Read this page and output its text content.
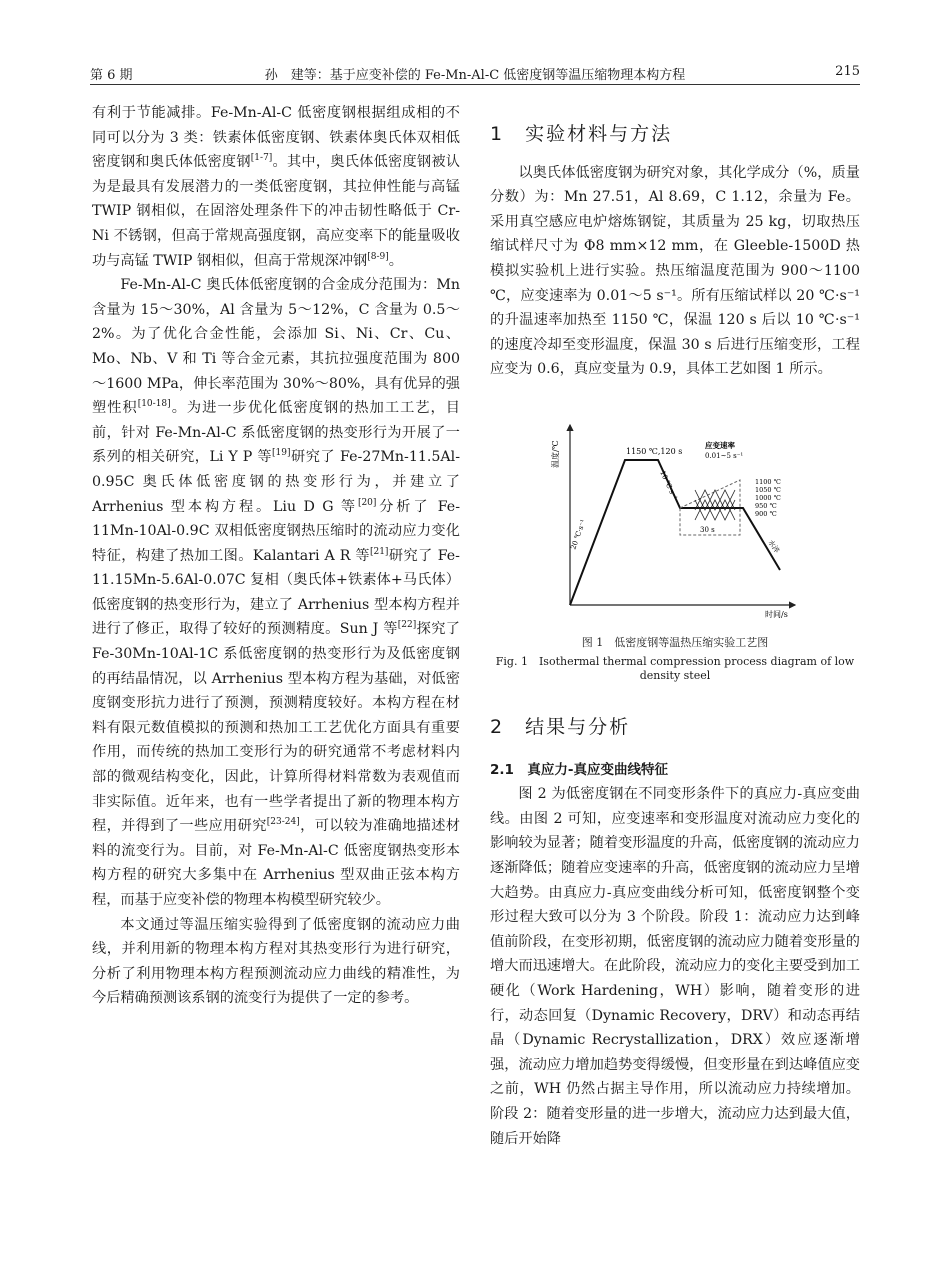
第 6 期	孙　建等：基于应变补偿的 Fe-Mn-Al-C 低密度钢等温压缩物理本构方程	215

有利于节能减排。Fe-Mn-Al-C 低密度钢根据组成相的不同可以分为 3 类：铁素体低密度钢、铁素体奥氏体双相低密度钢和奥氏体低密度钢[1-7]。其中，奥氏体低密度钢被认为是最具有发展潜力的一类低密度钢，其拉伸性能与高锰 TWIP 钢相似，在固溶处理条件下的冲击韧性略低于 Cr-Ni 不锈钢，但高于常规高强度钢，高应变率下的能量吸收功与高锰 TWIP 钢相似，但高于常规深冲钢[8-9]。

Fe-Mn-Al-C 奥氏体低密度钢的合金成分范围为：Mn 含量为 15～30%，Al 含量为 5～12%，C 含量为 0.5～2%。为了优化合金性能，会添加 Si、Ni、Cr、Cu、Mo、Nb、V 和 Ti 等合金元素，其抗拉强度范围为 800～1600 MPa，伸长率范围为 30%～80%，具有优异的强塑性积[10-18]。为进一步优化低密度钢的热加工工艺，目前，针对 Fe-Mn-Al-C 系低密度钢的热变形行为开展了一系列的相关研究，Li Y P 等[19]研究了 Fe-27Mn-11.5Al-0.95C 奥氏体低密度钢的热变形行为，并建立了 Arrhenius 型本构方程。Liu D G 等[20]分析了 Fe-11Mn-10Al-0.9C 双相低密度钢热压缩时的流动应力变化特征，构建了热加工图。Kalantari A R 等[21]研究了 Fe-11.15Mn-5.6Al-0.07C 复相（奥氏体+铁素体+马氏体）低密度钢的热变形行为，建立了 Arrhenius 型本构方程并进行了修正，取得了较好的预测精度。Sun J 等[22]探究了 Fe-30Mn-10Al-1C 系低密度钢的热变形行为及低密度钢的再结晶情况，以 Arrhenius 型本构方程为基础，对低密度钢变形抗力进行了预测，预测精度较好。本构方程在材料有限元数值模拟的预测和热加工工艺优化方面具有重要作用，而传统的热加工变形行为的研究通常不考虑材料内部的微观结构变化，因此，计算所得材料常数为表观值而非实际值。近年来，也有一些学者提出了新的物理本构方程，并得到了一些应用研究[23-24]，可以较为准确地描述材料的流变行为。目前，对 Fe-Mn-Al-C 低密度钢热变形本构方程的研究大多集中在 Arrhenius 型双曲正弦本构方程，而基于应变补偿的物理本构模型研究较少。

本文通过等温压缩实验得到了低密度钢的流动应力曲线，并利用新的物理本构方程对其热变形行为进行研究，分析了利用物理本构方程预测流动应力曲线的精准性，为今后精确预测该系钢的流变行为提供了一定的参考。

1　实验材料与方法

以奥氏体低密度钢为研究对象，其化学成分（%，质量分数）为：Mn 27.51，Al 8.69，C 1.12，余量为 Fe。采用真空感应电炉熔炼钢锭，其质量为 25 kg，切取热压缩试样尺寸为 Φ8 mm×12 mm，在 Gleeble-1500D 热模拟实验机上进行实验。热压缩温度范围为 900～1100 ℃，应变速率为 0.01～5 s⁻¹。所有压缩试样以 20 ℃·s⁻¹ 的升温速率加热至 1150 ℃，保温 120 s 后以 10 ℃·s⁻¹ 的速度冷却至变形温度，保温 30 s 后进行压缩变形，工程应变为 0.6，真应变量为 0.9，具体工艺如图 1 所示。

温度/℃
时间/s
1150 ℃,120 s
20 ℃·s⁻¹
10 ℃·s⁻¹
30 s
应变速率
0.01~5 s⁻¹
1100 ℃
1050 ℃
1000 ℃
950 ℃
900 ℃
水淬
图 1　低密度钢等温热压缩实验工艺图
Fig. 1　Isothermal thermal compression process diagram of low
density steel
2　结果与分析

2.1　真应力-真应变曲线特征

图 2 为低密度钢在不同变形条件下的真应力-真应变曲线。由图 2 可知，应变速率和变形温度对流动应力变化的影响较为显著；随着变形温度的升高，低密度钢的流动应力逐渐降低；随着应变速率的升高，低密度钢的流动应力呈增大趋势。由真应力-真应变曲线分析可知，低密度钢整个变形过程大致可以分为 3 个阶段。阶段 1：流动应力达到峰值前阶段，在变形初期，低密度钢的流动应力随着变形量的增大而迅速增大。在此阶段，流动应力的变化主要受到加工硬化（Work Hardening，WH）影响，随着变形的进行，动态回复（Dynamic Recovery，DRV）和动态再结晶（Dynamic Recrystallization，DRX）效应逐渐增强，流动应力增加趋势变得缓慢，但变形量在到达峰值应变之前，WH 仍然占据主导作用，所以流动应力持续增加。阶段 2：随着变形量的进一步增大，流动应力达到最大值，随后开始降
